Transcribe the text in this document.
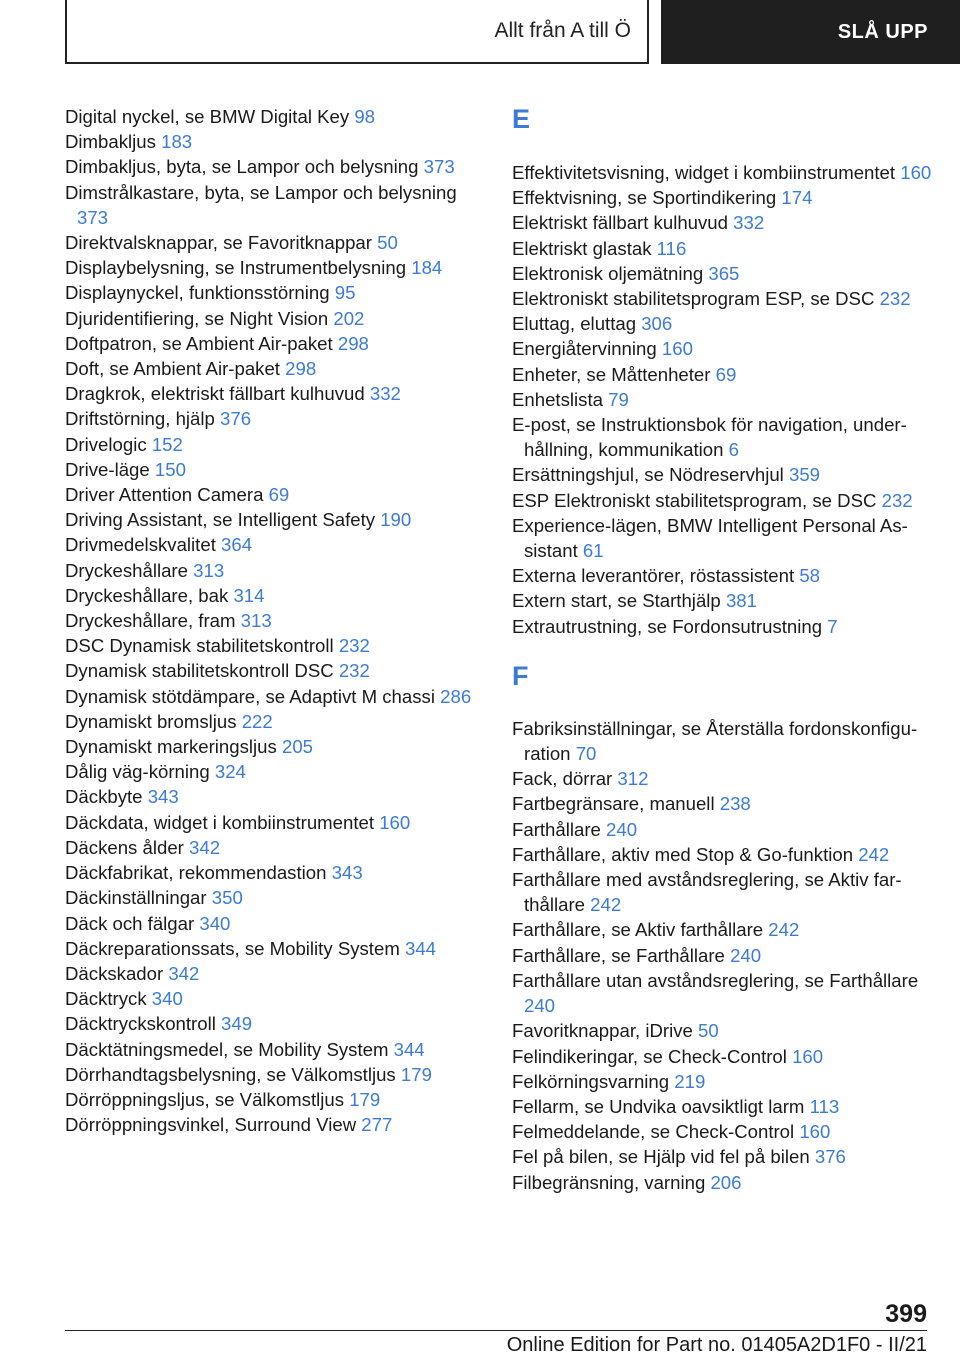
Allt från A till Ö	SLÅ UPP
Digital nyckel, se BMW Digital Key 98
Dimbakljus 183
Dimbakljus, byta, se Lampor och belysning 373
Dimstrålkastare, byta, se Lampor och belysning 373
Direktvalsknappar, se Favoritknappar 50
Displaybelysning, se Instrumentbelysning 184
Displaynyckel, funktionsstörning 95
Djuridentifiering, se Night Vision 202
Doftpatron, se Ambient Air-paket 298
Doft, se Ambient Air-paket 298
Dragkrok, elektriskt fällbart kulhuvud 332
Driftstörning, hjälp 376
Drivelogic 152
Drive-läge 150
Driver Attention Camera 69
Driving Assistant, se Intelligent Safety 190
Drivmedelskvalitet 364
Dryckeshållare 313
Dryckeshållare, bak 314
Dryckeshållare, fram 313
DSC Dynamisk stabilitetskontroll 232
Dynamisk stabilitetskontroll DSC 232
Dynamisk stötdämpare, se Adaptivt M chassi 286
Dynamiskt bromsljus 222
Dynamiskt markeringsljus 205
Dålig väg-körning 324
Däckbyte 343
Däckdata, widget i kombiinstrumentet 160
Däckens ålder 342
Däckfabrikat, rekommendastion 343
Däckinställningar 350
Däck och fälgar 340
Däckreparationssats, se Mobility System 344
Däckskador 342
Däcktryck 340
Däcktryckskontroll 349
Däcktätningsmedel, se Mobility System 344
Dörrhandtagsbelysning, se Välkomstljus 179
Dörröppningsljus, se Välkomstljus 179
Dörröppningsvinkel, Surround View 277
E
Effektivitetsvisning, widget i kombiinstrumentet 160
Effektvisning, se Sportindikering 174
Elektriskt fällbart kulhuvud 332
Elektriskt glastak 116
Elektronisk oljemätning 365
Elektroniskt stabilitetsprogram ESP, se DSC 232
Eluttag, eluttag 306
Energiåtervinning 160
Enheter, se Måttenheter 69
Enhetslista 79
E-post, se Instruktionsbok för navigation, underhållning, kommunikation 6
Ersättningshjul, se Nödreservhjul 359
ESP Elektroniskt stabilitetsprogram, se DSC 232
Experience-lägen, BMW Intelligent Personal Assistant 61
Externa leverantörer, röstassistent 58
Extern start, se Starthjälp 381
Extrautrustning, se Fordonsutrustning 7
F
Fabriksinställningar, se Återställa fordonskonfiguration 70
Fack, dörrar 312
Fartbegränsare, manuell 238
Farthållare 240
Farthållare, aktiv med Stop & Go-funktion 242
Farthållare med avståndsreglering, se Aktiv farthållare 242
Farthållare, se Aktiv farthållare 242
Farthållare, se Farthållare 240
Farthållare utan avståndsreglering, se Farthållare 240
Favoritknappar, iDrive 50
Felindikeringar, se Check-Control 160
Felkörningsvarning 219
Fellarm, se Undvika oavsiktligt larm 113
Felmeddelande, se Check-Control 160
Fel på bilen, se Hjälp vid fel på bilen 376
Filbegränsning, varning 206
399
Online Edition for Part no. 01405A2D1F0 - II/21
